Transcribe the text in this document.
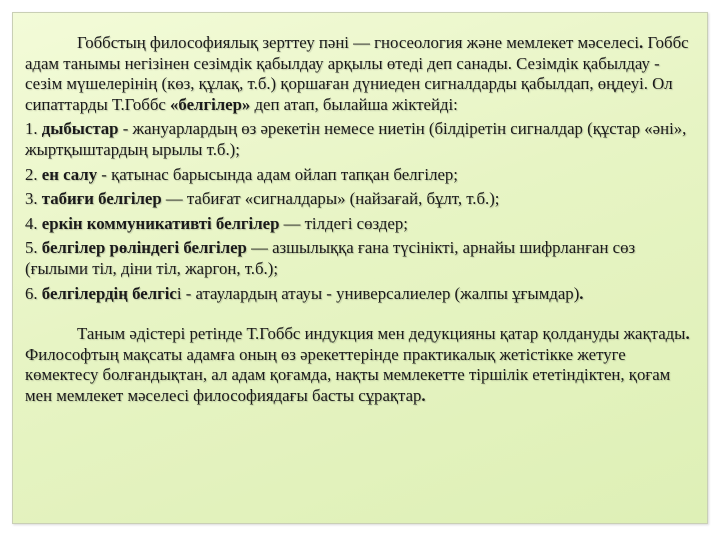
Гоббстың философиялық зерттеу пәні — гносеология және мемлекет мәселесі. Гоббс адам танымы негізінен сезімдік қабылдау арқылы өтеді деп санады. Сезімдік қабылдау - сезім мүшелерінің (көз, құлақ, т.б.) қоршаған дүниеден сигналдарды қабылдап, өңдеуі. Ол сипаттарды Т.Гоббс «белгілер» деп атап, былайша жіктейді:

1. дыбыстар - жануарлардың өз әрекетін немесе ниетін (білдіретін сигналдар (құстар «әні», жыртқыштардың ырылы т.б.);

2. ен салу - қатынас барысында адам ойлап тапқан белгілер;

3. табиғи белгілер — табиғат «сигналдары» (найзағай, бұлт, т.б.);

4. еркін коммуникативті белгілер — тілдегі сөздер;

5. белгілер рөліндегі белгілер — азшылыққа ғана түсінікті, арнайы шифрланған сөз (ғылыми тіл, діни тіл, жаргон, т.б.);

6. белгілердің белгісі - атаулардың атауы - универсалиелер (жалпы ұғымдар).

Таным әдістері ретінде Т.Гоббс индукция мен дедукцияны қатар қолдануды жақтады. Философтың мақсаты адамға оның өз әрекеттерінде практикалық жетістікке жетуге көмектесу болғандықтан, ал адам қоғамда, нақты мемлекетте тіршілік ететіндіктен, қоғам мен мемлекет мәселесі философиядағы басты сұрақтар.
